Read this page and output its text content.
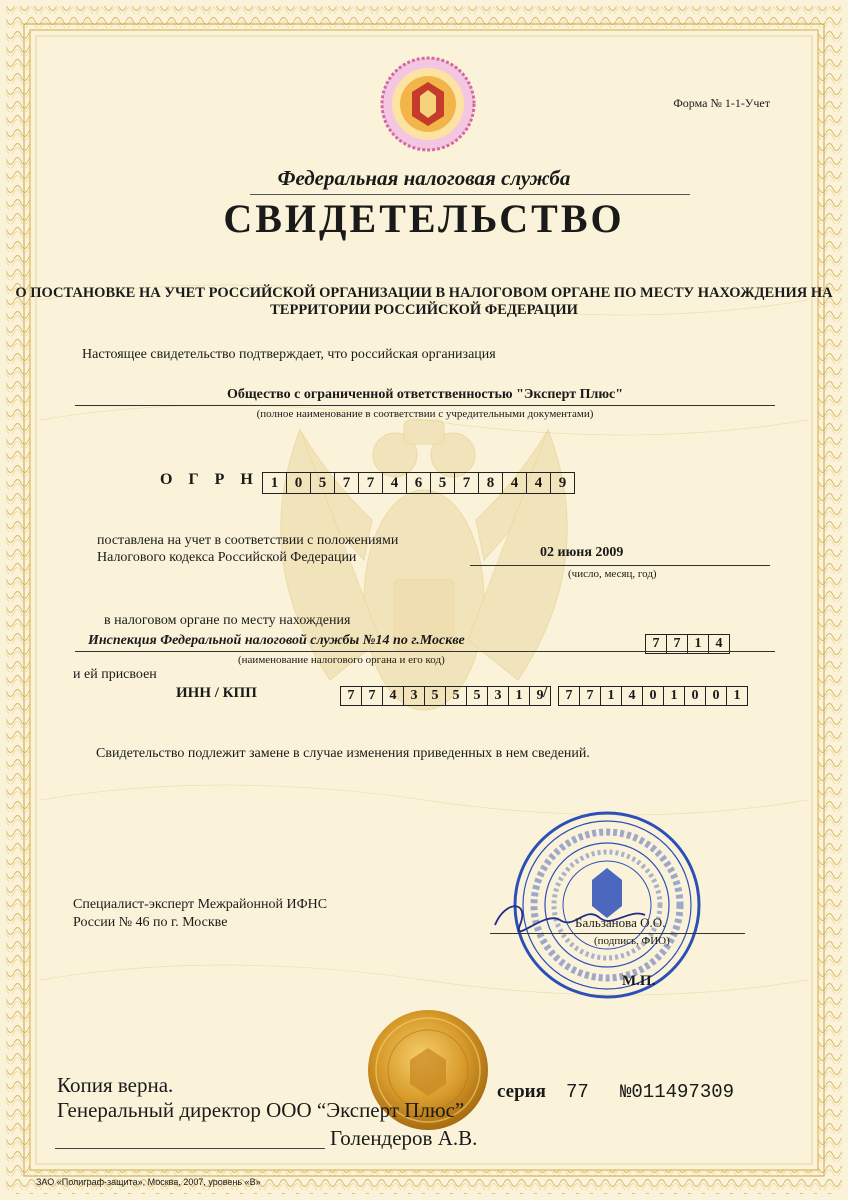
Форма № 1-1-Учет
Федеральная налоговая служба
СВИДЕТЕЛЬСТВО
О ПОСТАНОВКЕ НА УЧЕТ РОССИЙСКОЙ ОРГАНИЗАЦИИ В НАЛОГОВОМ ОРГАНЕ ПО МЕСТУ НАХОЖДЕНИЯ НА ТЕРРИТОРИИ РОССИЙСКОЙ ФЕДЕРАЦИИ
Настоящее свидетельство подтверждает, что российская организация
Общество с ограниченной ответственностью "Эксперт Плюс"
(полное наименование в соответствии с учредительными документами)
ОГРН 1	0	5	7	7	4	6	5	7	8	4	4	9
поставлена на учет в соответствии с положениями
Налогового кодекса Российской Федерации	02 июня 2009
(число, месяц, год)
в налоговом органе по месту нахождения
Инспекция Федеральной налоговой службы №14 по г.Москве	7	7	1	4
(наименование налогового органа и его код)
и ей присвоен
ИНН / КПП	7	7	4	3	5	5	5	3	1	9 /	7	7	1	4	0	1	0	0	1
Свидетельство подлежит замене в случае изменения приведенных в нем сведений.
Специалист-эксперт Межрайонной ИФНС
России № 46 по г. Москве	Бальзанова О.О.
(подпись, ФИО)
М.П.
Копия верна.
Генеральный директор ООО “Эксперт Плюс”
Голендеров А.В.
серия 77 №011497309
ЗАО «Полиграф-защита», Москва, 2007, уровень «В»
